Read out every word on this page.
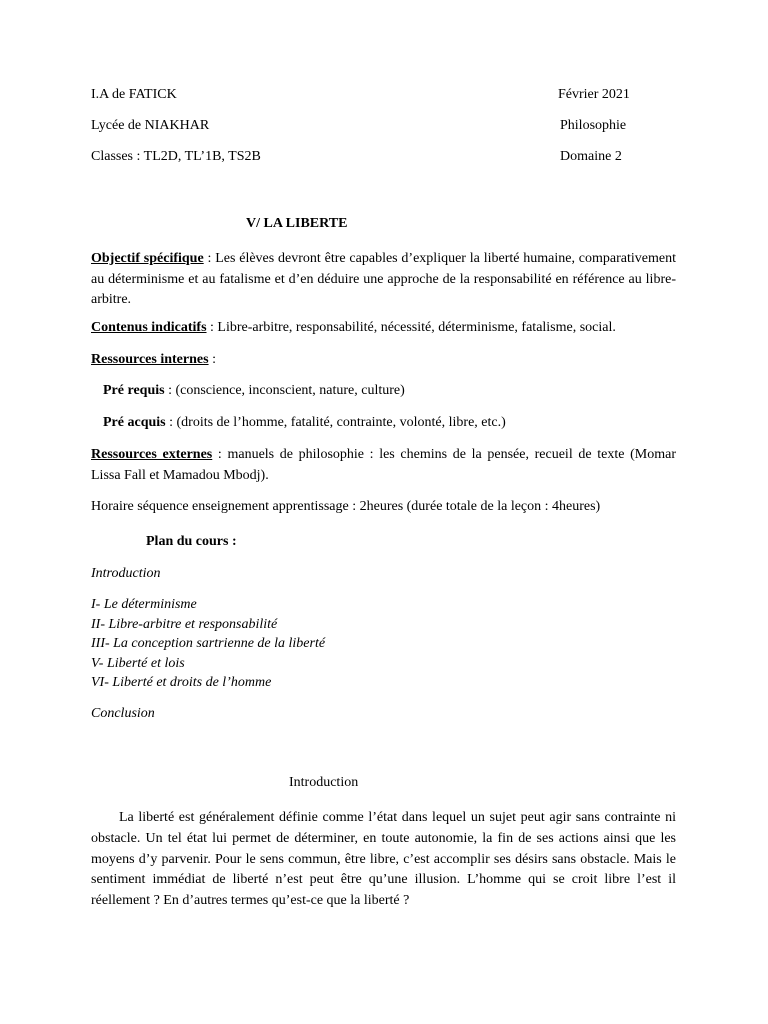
I.A de FATICK
Lycée de NIAKHAR
Classes : TL2D, TL’1B, TS2B
Février 2021
Philosophie
Domaine 2
V/ LA LIBERTE
Objectif spécifique : Les élèves devront être capables d’expliquer la liberté humaine, comparativement au déterminisme et au fatalisme et d’en déduire une approche de la responsabilité en référence au libre-arbitre.
Contenus indicatifs : Libre-arbitre, responsabilité, nécessité, déterminisme, fatalisme, social.
Ressources internes :
Pré requis : (conscience, inconscient, nature, culture)
Pré acquis : (droits de l’homme, fatalité, contrainte, volonté, libre, etc.)
Ressources externes : manuels de philosophie : les chemins de la pensée, recueil de texte (Momar Lissa Fall et Mamadou Mbodj).
Horaire séquence enseignement apprentissage : 2heures (durée totale de la leçon : 4heures)
Plan du cours :
Introduction
I- Le déterminisme
II- Libre-arbitre et responsabilité
III- La conception sartrienne de la liberté
V- Liberté et lois
VI- Liberté et droits de l’homme
Conclusion
Introduction
La liberté est généralement définie comme l’état dans lequel un sujet peut agir sans contrainte ni obstacle. Un tel état lui permet de déterminer, en toute autonomie, la fin de ses actions ainsi que les moyens d’y parvenir. Pour le sens commun, être libre, c’est accomplir ses désirs sans obstacle. Mais le sentiment immédiat de liberté n’est peut être qu’une illusion. L’homme qui se croit libre l’est il réellement ? En d’autres termes qu’est-ce que la liberté ?
